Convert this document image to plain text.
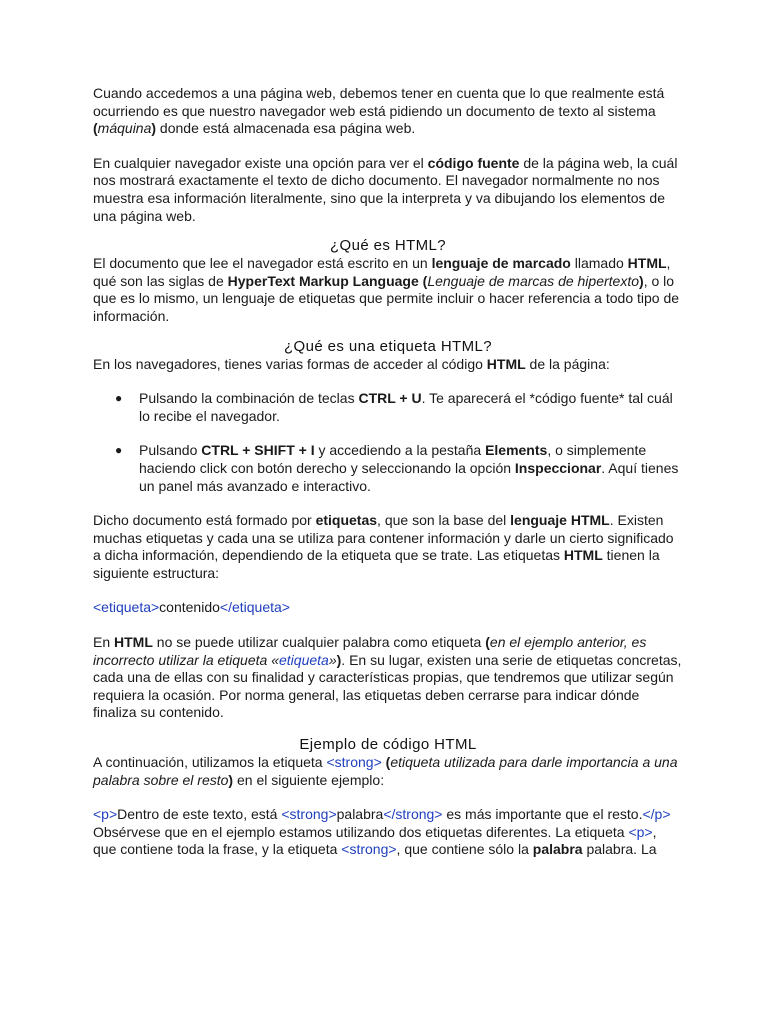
Cuando accedemos a una página web, debemos tener en cuenta que lo que realmente está ocurriendo es que nuestro navegador web está pidiendo un documento de texto al sistema (máquina) donde está almacenada esa página web.

En cualquier navegador existe una opción para ver el código fuente de la página web, la cuál nos mostrará exactamente el texto de dicho documento. El navegador normalmente no nos muestra esa información literalmente, sino que la interpreta y va dibujando los elementos de una página web.

¿Qué es HTML?

El documento que lee el navegador está escrito en un lenguaje de marcado llamado HTML, qué son las siglas de HyperText Markup Language (Lenguaje de marcas de hipertexto), o lo que es lo mismo, un lenguaje de etiquetas que permite incluir o hacer referencia a todo tipo de información.

¿Qué es una etiqueta HTML?

En los navegadores, tienes varias formas de acceder al código HTML de la página:

● Pulsando la combinación de teclas CTRL + U. Te aparecerá el *código fuente* tal cuál lo recibe el navegador.
● Pulsando CTRL + SHIFT + I y accediendo a la pestaña Elements, o simplemente haciendo click con botón derecho y seleccionando la opción Inspeccionar. Aquí tienes un panel más avanzado e interactivo.

Dicho documento está formado por etiquetas, que son la base del lenguaje HTML. Existen muchas etiquetas y cada una se utiliza para contener información y darle un cierto significado a dicha información, dependiendo de la etiqueta que se trate. Las etiquetas HTML tienen la siguiente estructura:

<etiqueta>contenido</etiqueta>

En HTML no se puede utilizar cualquier palabra como etiqueta (en el ejemplo anterior, es incorrecto utilizar la etiqueta «etiqueta»). En su lugar, existen una serie de etiquetas concretas, cada una de ellas con su finalidad y características propias, que tendremos que utilizar según requiera la ocasión. Por norma general, las etiquetas deben cerrarse para indicar dónde finaliza su contenido.

Ejemplo de código HTML

A continuación, utilizamos la etiqueta <strong> (etiqueta utilizada para darle importancia a una palabra sobre el resto) en el siguiente ejemplo:

<p>Dentro de este texto, está <strong>palabra</strong> es más importante que el resto.</p>

Obsérvese que en el ejemplo estamos utilizando dos etiquetas diferentes. La etiqueta <p>, que contiene toda la frase, y la etiqueta <strong>, que contiene sólo la palabra palabra. La
